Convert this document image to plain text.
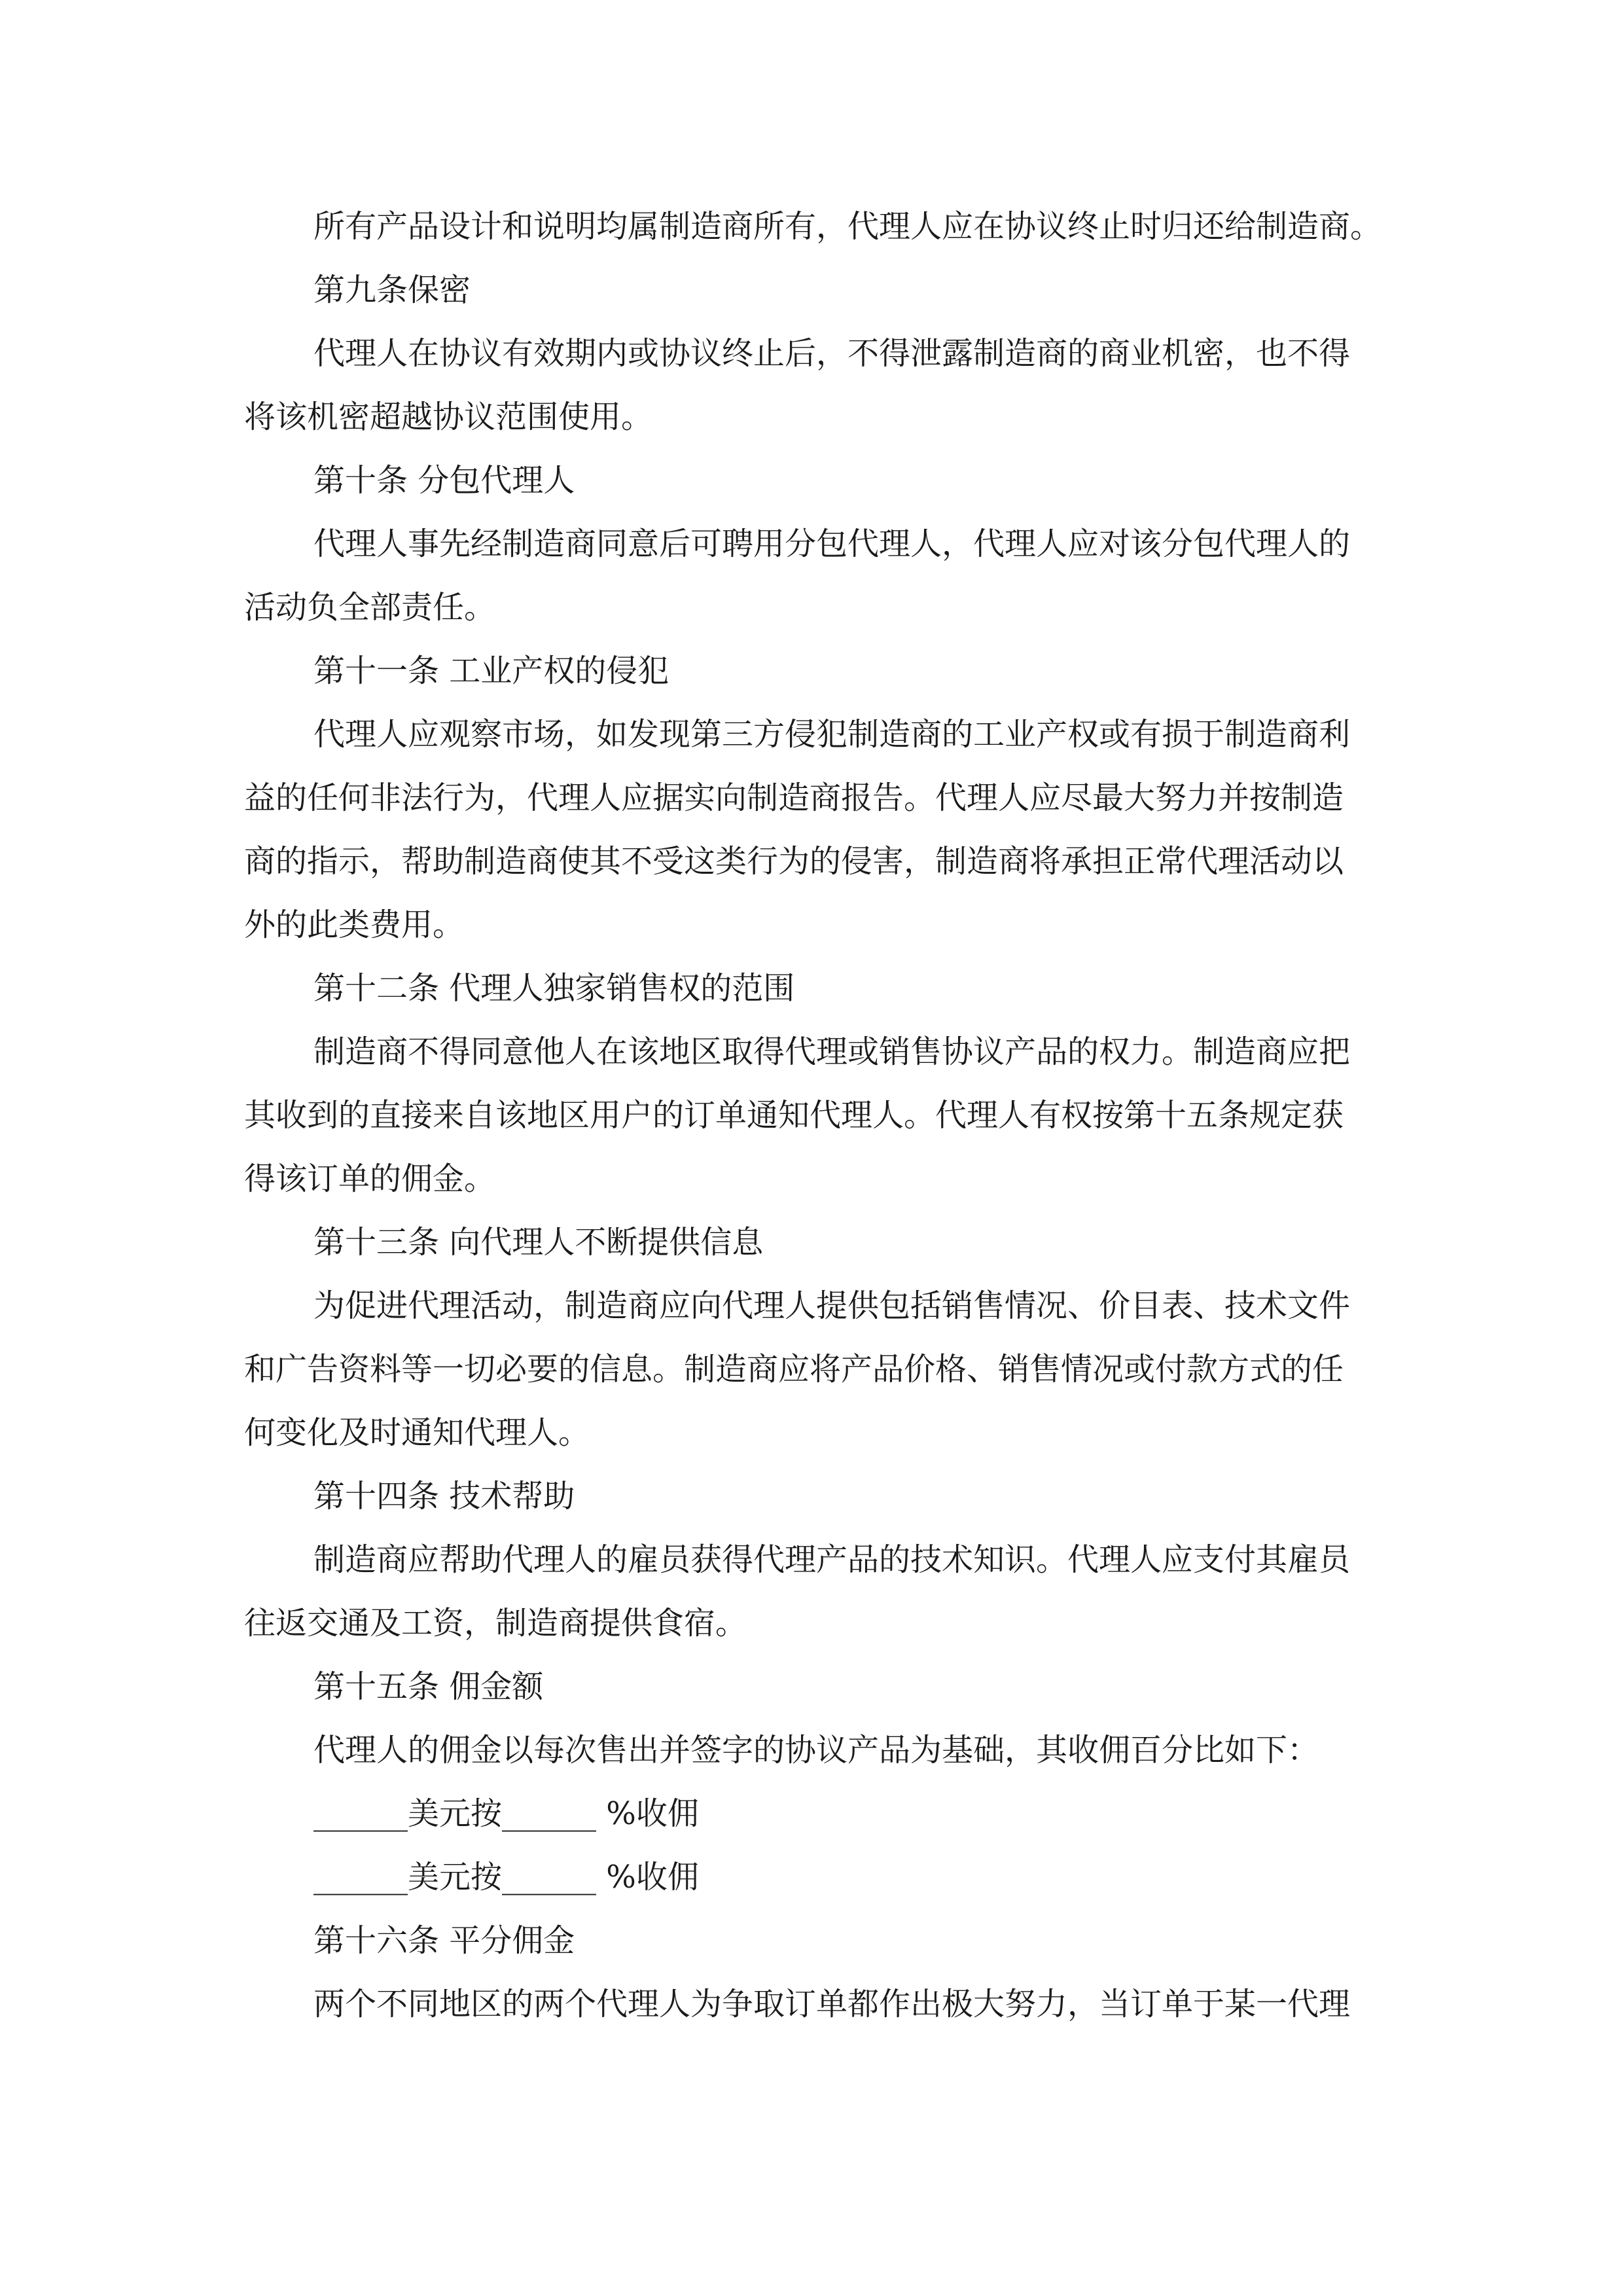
所有产品设计和说明均属制造商所有，代理人应在协议终止时归还给制造商。
第九条保密
代理人在协议有效期内或协议终止后，不得泄露制造商的商业机密，也不得
将该机密超越协议范围使用。
第十条 分包代理人
代理人事先经制造商同意后可聘用分包代理人，代理人应对该分包代理人的
活动负全部责任。
第十一条 工业产权的侵犯
代理人应观察市场，如发现第三方侵犯制造商的工业产权或有损于制造商利
益的任何非法行为，代理人应据实向制造商报告。代理人应尽最大努力并按制造
商的指示，帮助制造商使其不受这类行为的侵害，制造商将承担正常代理活动以
外的此类费用。
第十二条 代理人独家销售权的范围
制造商不得同意他人在该地区取得代理或销售协议产品的权力。制造商应把
其收到的直接来自该地区用户的订单通知代理人。代理人有权按第十五条规定获
得该订单的佣金。
第十三条 向代理人不断提供信息
为促进代理活动，制造商应向代理人提供包括销售情况、价目表、技术文件
和广告资料等一切必要的信息。制造商应将产品价格、销售情况或付款方式的任
何变化及时通知代理人。
第十四条 技术帮助
制造商应帮助代理人的雇员获得代理产品的技术知识。代理人应支付其雇员
往返交通及工资，制造商提供食宿。
第十五条 佣金额
代理人的佣金以每次售出并签字的协议产品为基础，其收佣百分比如下：
______美元按______ %收佣
______美元按______ %收佣
第十六条 平分佣金
两个不同地区的两个代理人为争取订单都作出极大努力，当订单于某一代理
